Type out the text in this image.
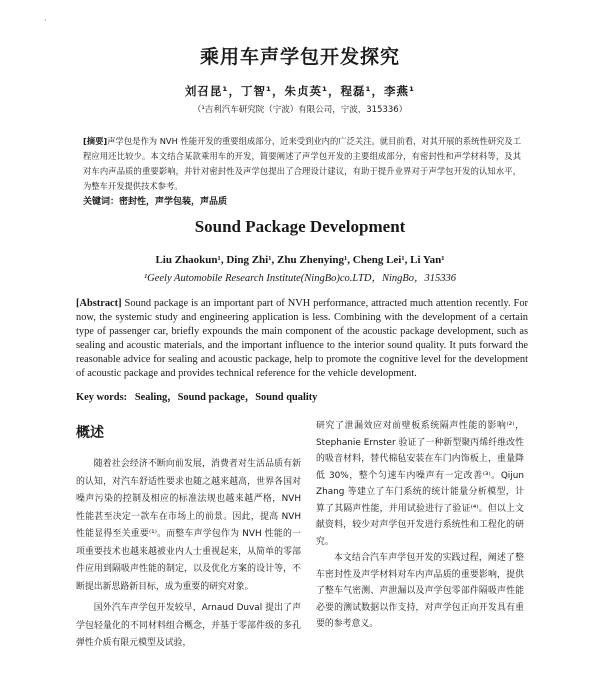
·
乘用车声学包开发探究
刘召昆¹，丁智¹，朱贞英¹，程磊¹，李燕¹
（¹吉利汽车研究院（宁波）有限公司，宁波，315336）
[摘要]声学包是作为 NVH 性能开发的重要组成部分，近来受到业内的广泛关注。就目前看，对其开展的系统性研究及工程应用还比较少。本文结合某款乘用车的开发，简要阐述了声学包开发的主要组成部分，有密封性和声学材料等，及其对车内声品质的重要影响，并针对密封性及声学包提出了合理设计建议，有助于提升业界对于声学包开发的认知水平，为整车开发提供技术参考。
关键词：密封性，声学包装，声品质
Sound Package Development
Liu Zhaokun¹, Ding Zhi¹, Zhu Zhenying¹, Cheng Lei¹, Li Yan¹
¹Geely Automobile Research Institute(NingBo)co.LTD，NingBo，315336
[Abstract] Sound package is an important part of NVH performance, attracted much attention recently. For now, the systemic study and engineering application is less. Combining with the development of a certain type of passenger car, briefly expounds the main component of the acoustic package development, such as sealing and acoustic materials, and the important influence to the interior sound quality. It puts forward the reasonable advice for sealing and acoustic package, help to promote the cognitive level for the development of acoustic package and provides technical reference for the vehicle development.
Key words: Sealing，Sound package，Sound quality
概述

随着社会经济不断向前发展，消费者对生活品质有新的认知，对汽车舒适性要求也随之越来越高，世界各国对噪声污染的控制及相应的标准法规也越来越严格，NVH 性能甚至决定一款车在市场上的前景。因此，提高 NVH 性能显得至关重要⁽¹⁾。而整车声学包作为 NVH 性能的一项重要技术也越来越被业内人士重视起来，从简单的零部件应用到隔吸声性能的制定，以及优化方案的设计等，不断提出新思路新目标，成为重要的研究对象。

国外汽车声学包开发较早，Arnaud Duval 提出了声学包轻量化的不同材料组合概念，并基于零部件级的多孔弹性介质有限元模型及试验，

研究了泄漏效应对前壁板系统隔声性能的影响⁽²⁾，Stephanie Ernster 验证了一种新型聚丙烯纤维改性的吸音材料，替代棉毡安装在车门内饰板上，重量降低 30%，整个匀速车内噪声有一定改善⁽³⁾。Qijun Zhang 等建立了车门系统的统计能量分析模型，计算了其隔声性能，并用试验进行了验证⁽⁴⁾。但以上文献资料，较少对声学包开发进行系统性和工程化的研究。

本文结合汽车声学包开发的实践过程，阐述了整车密封性及声学材料对车内声品质的重要影响，提供了整车气密测、声泄漏以及声学包零部件隔吸声性能必要的测试数据以作支持，对声学包正向开发具有重要的参考意义。
